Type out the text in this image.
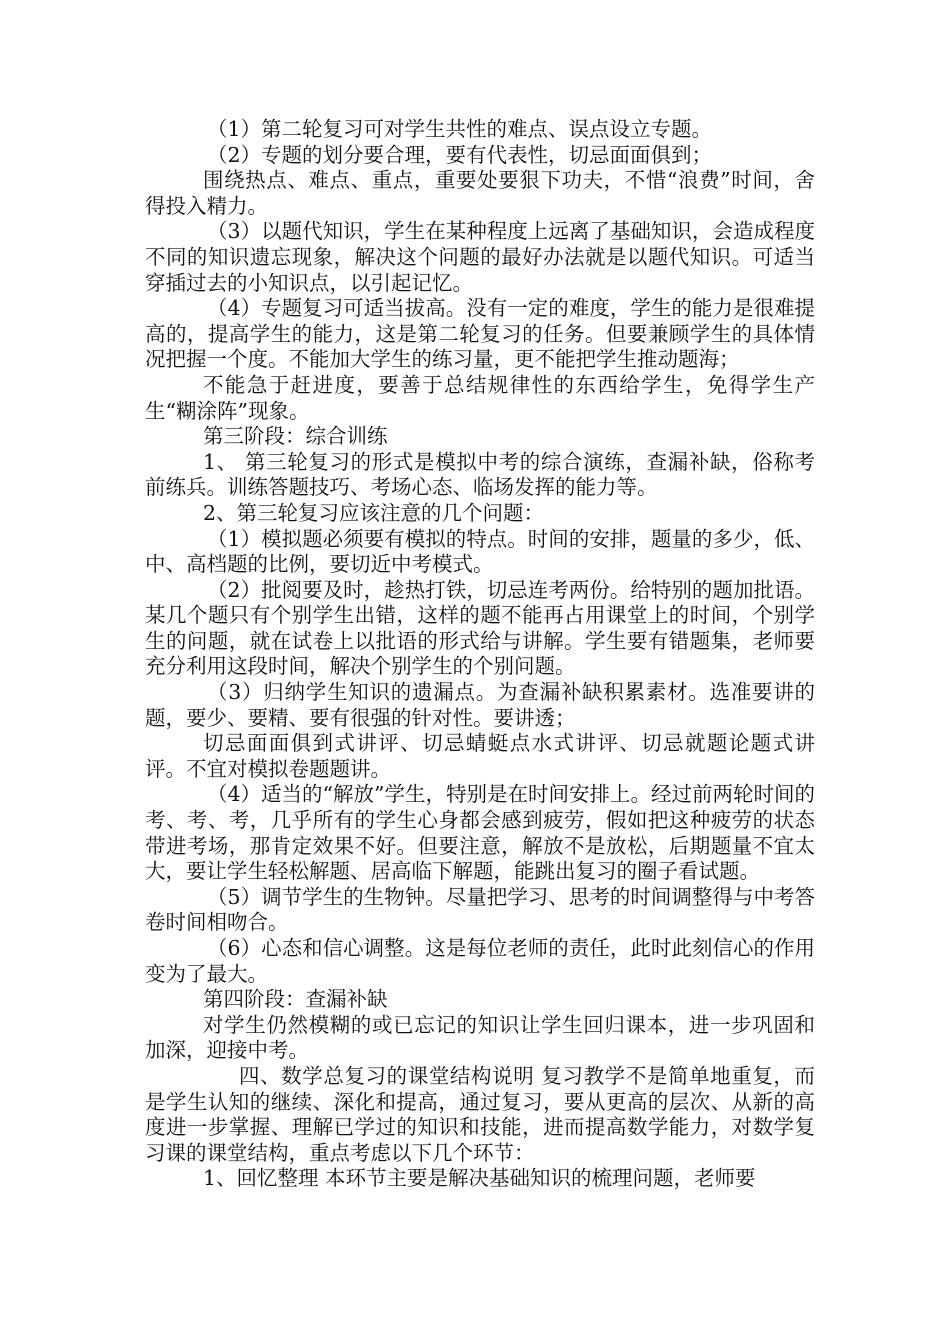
（1）第二轮复习可对学生共性的难点、误点设立专题。

（2）专题的划分要合理，要有代表性，切忌面面俱到；

围绕热点、难点、重点，重要处要狠下功夫，不惜“浪费”时间，舍得投入精力。

（3）以题代知识，学生在某种程度上远离了基础知识，会造成程度不同的知识遗忘现象，解决这个问题的最好办法就是以题代知识。可适当穿插过去的小知识点，以引起记忆。

（4）专题复习可适当拔高。没有一定的难度，学生的能力是很难提高的，提高学生的能力，这是第二轮复习的任务。但要兼顾学生的具体情况把握一个度。不能加大学生的练习量，更不能把学生推动题海；

不能急于赶进度，要善于总结规律性的东西给学生，免得学生产生“糊涂阵”现象。

第三阶段：综合训练

1、 第三轮复习的形式是模拟中考的综合演练，查漏补缺，俗称考前练兵。训练答题技巧、考场心态、临场发挥的能力等。

2、第三轮复习应该注意的几个问题：

（1）模拟题必须要有模拟的特点。时间的安排，题量的多少，低、中、高档题的比例，要切近中考模式。

（2）批阅要及时，趁热打铁，切忌连考两份。给特别的题加批语。某几个题只有个别学生出错，这样的题不能再占用课堂上的时间，个别学生的问题，就在试卷上以批语的形式给与讲解。学生要有错题集，老师要充分利用这段时间，解决个别学生的个别问题。

（3）归纳学生知识的遗漏点。为查漏补缺积累素材。选准要讲的题，要少、要精、要有很强的针对性。要讲透；

切忌面面俱到式讲评、切忌蜻蜓点水式讲评、切忌就题论题式讲评。不宜对模拟卷题题讲。

（4）适当的“解放”学生，特别是在时间安排上。经过前两轮时间的考、考、考，几乎所有的学生心身都会感到疲劳，假如把这种疲劳的状态带进考场，那肯定效果不好。但要注意，解放不是放松，后期题量不宜太大，要让学生轻松解题、居高临下解题，能跳出复习的圈子看试题。

（5）调节学生的生物钟。尽量把学习、思考的时间调整得与中考答卷时间相吻合。

（6）心态和信心调整。这是每位老师的责任，此时此刻信心的作用变为了最大。

第四阶段：查漏补缺

对学生仍然模糊的或已忘记的知识让学生回归课本，进一步巩固和加深，迎接中考。

四、数学总复习的课堂结构说明 复习教学不是简单地重复，而是学生认知的继续、深化和提高，通过复习，要从更高的层次、从新的高度进一步掌握、理解已学过的知识和技能，进而提高数学能力，对数学复习课的课堂结构，重点考虑以下几个环节：

1、回忆整理 本环节主要是解决基础知识的梳理问题，老师要
